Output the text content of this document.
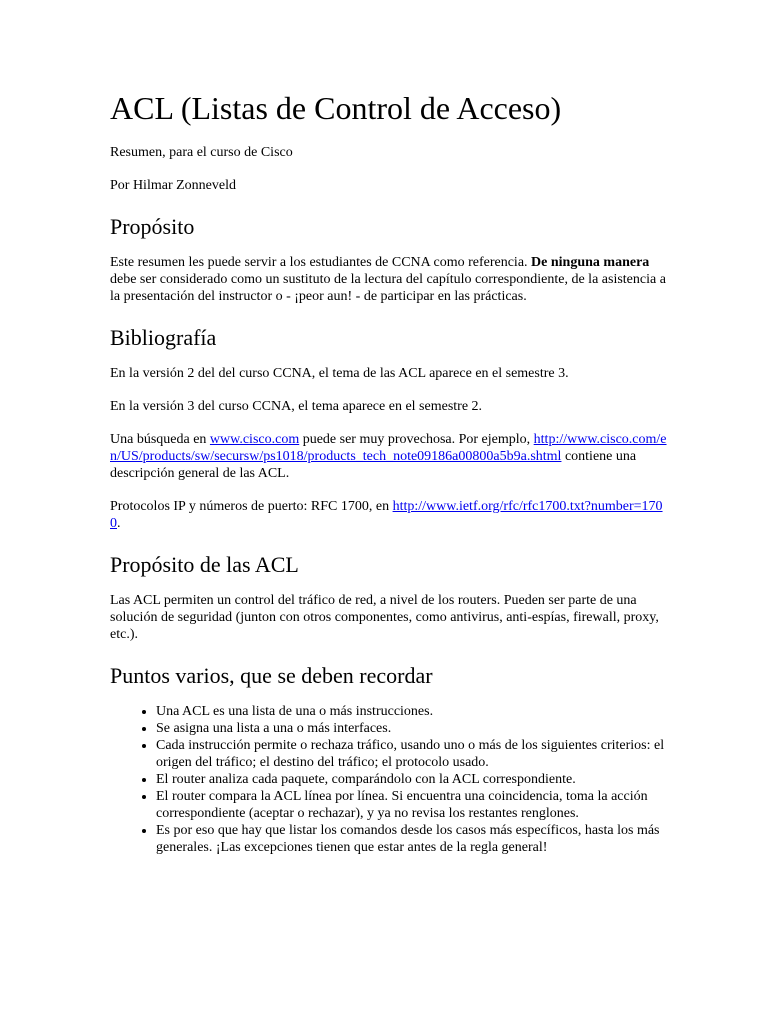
ACL (Listas de Control de Acceso)

Resumen, para el curso de Cisco

Por Hilmar Zonneveld

Propósito

Este resumen les puede servir a los estudiantes de CCNA como referencia. De ninguna manera debe ser considerado como un sustituto de la lectura del capítulo correspondiente, de la asistencia a la presentación del instructor o - ¡peor aun! - de participar en las prácticas.

Bibliografía

En la versión 2 del del curso CCNA, el tema de las ACL aparece en el semestre 3.

En la versión 3 del curso CCNA, el tema aparece en el semestre 2.

Una búsqueda en www.cisco.com puede ser muy provechosa. Por ejemplo, http://www.cisco.com/en/US/products/sw/secursw/ps1018/products_tech_note09186a00800a5b9a.shtml contiene una descripción general de las ACL.

Protocolos IP y números de puerto: RFC 1700, en http://www.ietf.org/rfc/rfc1700.txt?number=1700.

Propósito de las ACL

Las ACL permiten un control del tráfico de red, a nivel de los routers. Pueden ser parte de una solución de seguridad (junton con otros componentes, como antivirus, anti-espías, firewall, proxy, etc.).

Puntos varios, que se deben recordar
• Una ACL es una lista de una o más instrucciones.
• Se asigna una lista a una o más interfaces.
• Cada instrucción permite o rechaza tráfico, usando uno o más de los siguientes criterios: el origen del tráfico; el destino del tráfico; el protocolo usado.
• El router analiza cada paquete, comparándolo con la ACL correspondiente.
• El router compara la ACL línea por línea. Si encuentra una coincidencia, toma la acción correspondiente (aceptar o rechazar), y ya no revisa los restantes renglones.
• Es por eso que hay que listar los comandos desde los casos más específicos, hasta los más generales. ¡Las excepciones tienen que estar antes de la regla general!
